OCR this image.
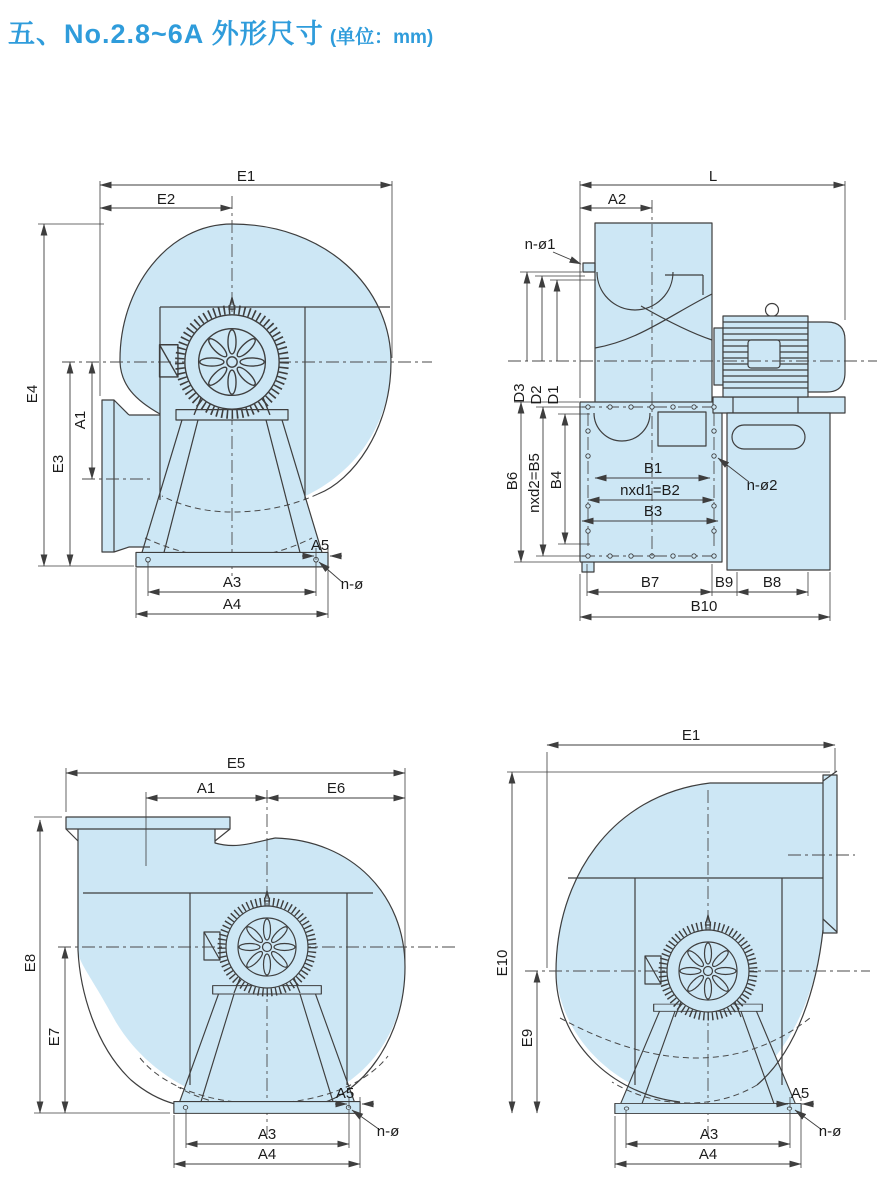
五、No.2.8~6A 外形尺寸 (单位：mm)
E1
E2
E4
E3
A1
A3
A4
A5
n-ø
L
A2
n-ø1
D3 D2 D1
B6 nxd2=B5 B4
B1
nxd1=B2
B3
n-ø2
B7	B9 B8
B10
E5
A1	E6
E8
E7
A3
A4
A5
n-ø
E1
E10
E9
A3
A4
A5
n-ø
